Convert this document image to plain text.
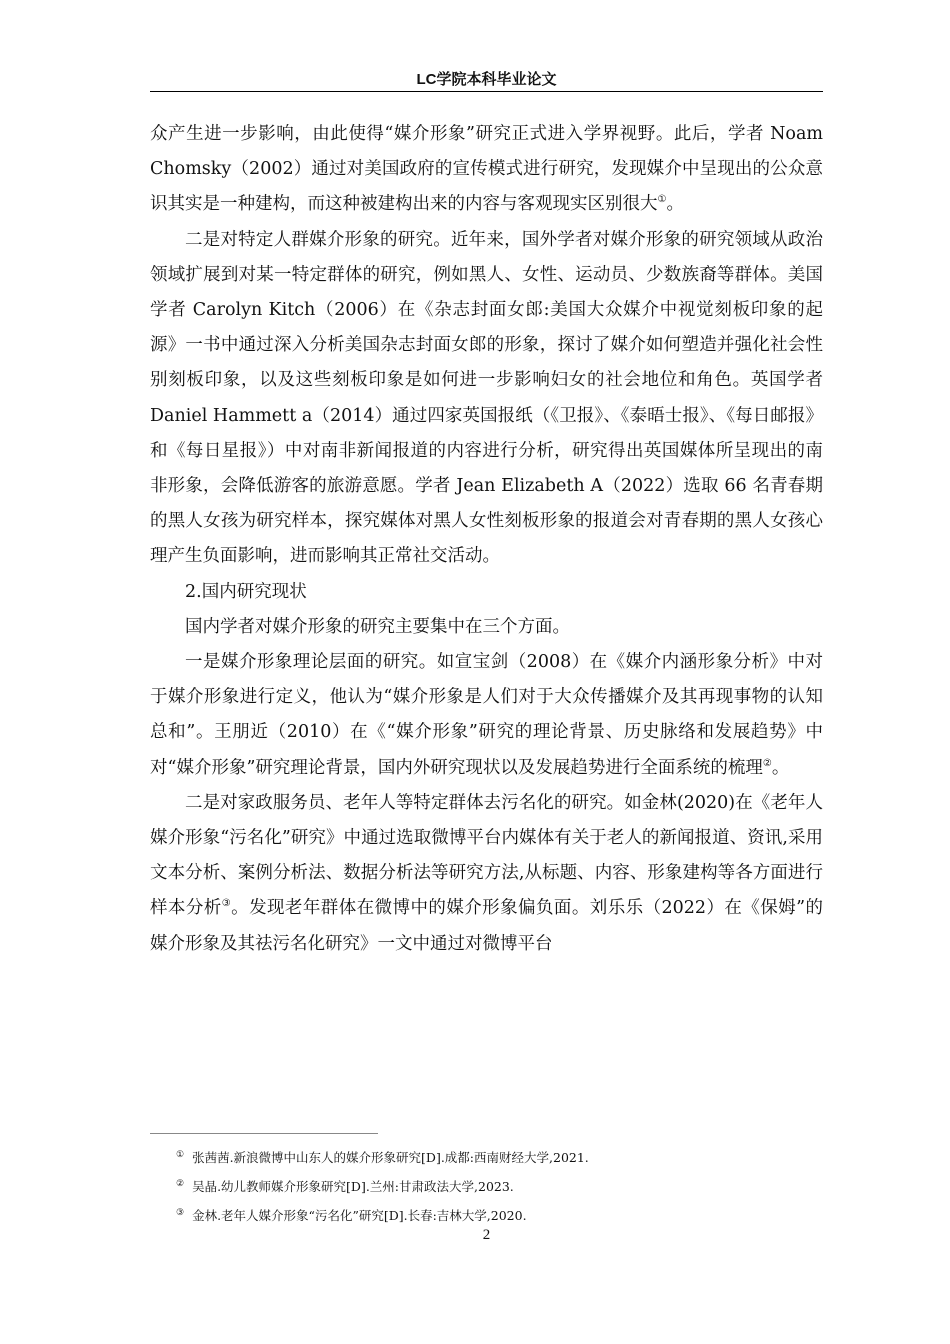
LC学院本科毕业论文

众产生进一步影响，由此使得“媒介形象”研究正式进入学界视野。此后，学者 Noam Chomsky（2002）通过对美国政府的宣传模式进行研究，发现媒介中呈现出的公众意识其实是一种建构，而这种被建构出来的内容与客观现实区别很大①。

二是对特定人群媒介形象的研究。近年来，国外学者对媒介形象的研究领域从政治领域扩展到对某一特定群体的研究，例如黑人、女性、运动员、少数族裔等群体。美国学者 Carolyn Kitch（2006）在《杂志封面女郎:美国大众媒介中视觉刻板印象的起源》一书中通过深入分析美国杂志封面女郎的形象，探讨了媒介如何塑造并强化社会性别刻板印象，以及这些刻板印象是如何进一步影响妇女的社会地位和角色。英国学者 Daniel Hammett a（2014）通过四家英国报纸（《卫报》、《泰晤士报》、《每日邮报》和《每日星报》）中对南非新闻报道的内容进行分析，研究得出英国媒体所呈现出的南非形象，会降低游客的旅游意愿。学者 Jean Elizabeth A（2022）选取 66 名青春期的黑人女孩为研究样本，探究媒体对黑人女性刻板形象的报道会对青春期的黑人女孩心理产生负面影响，进而影响其正常社交活动。

2.国内研究现状

国内学者对媒介形象的研究主要集中在三个方面。

一是媒介形象理论层面的研究。如宣宝剑（2008）在《媒介内涵形象分析》中对于媒介形象进行定义，他认为“媒介形象是人们对于大众传播媒介及其再现事物的认知总和”。王朋近（2010）在《“媒介形象”研究的理论背景、历史脉络和发展趋势》中对“媒介形象”研究理论背景，国内外研究现状以及发展趋势进行全面系统的梳理②。

二是对家政服务员、老年人等特定群体去污名化的研究。如金林(2020)在《老年人媒介形象“污名化”研究》中通过选取微博平台内媒体有关于老人的新闻报道、资讯,采用文本分析、案例分析法、数据分析法等研究方法,从标题、内容、形象建构等各方面进行样本分析③。发现老年群体在微博中的媒介形象偏负面。刘乐乐（2022）在《保姆”的媒介形象及其祛污名化研究》一文中通过对微博平台

① 张茜茜.新浪微博中山东人的媒介形象研究[D].成都:西南财经大学,2021.
② 吴晶.幼儿教师媒介形象研究[D].兰州:甘肃政法大学,2023.
③ 金林.老年人媒介形象“污名化”研究[D].长春:吉林大学,2020.
2
